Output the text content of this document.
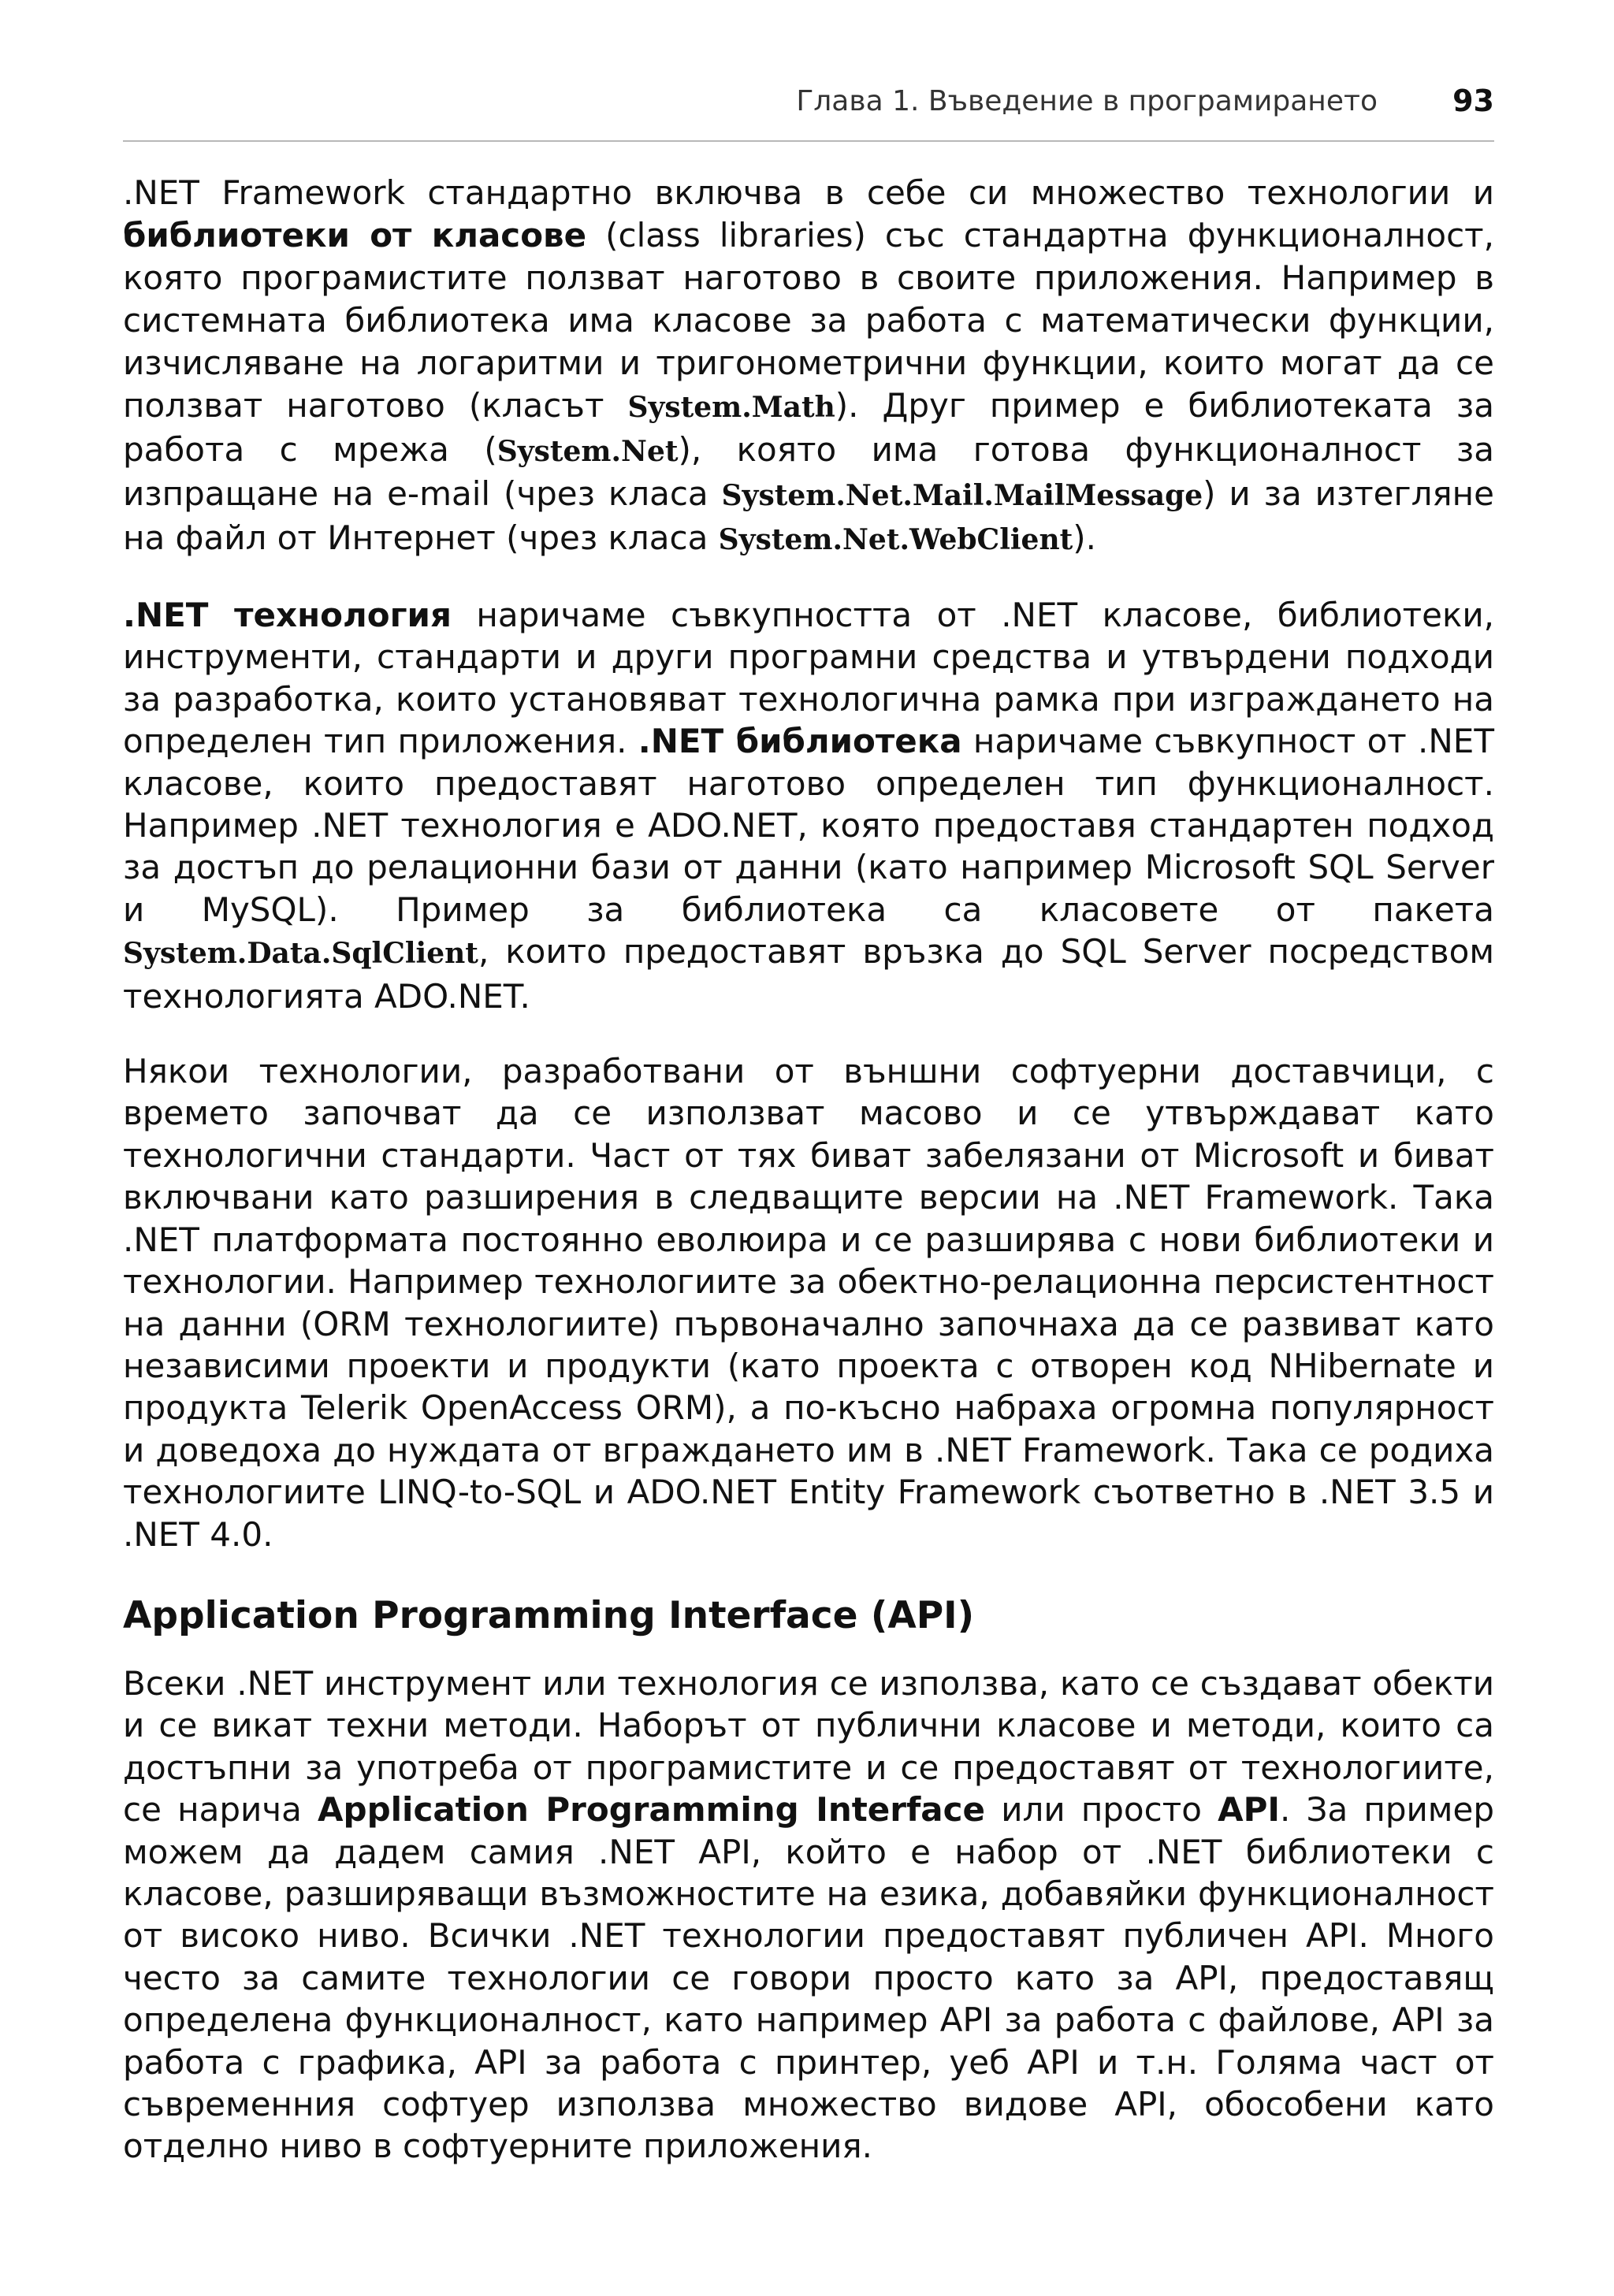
Глава 1. Въведение в програмирането	93

.NET Framework стандартно включва в себе си множество технологии и библиотеки от класове (class libraries) със стандартна функционалност, която програмистите ползват наготово в своите приложения. Например в системната библиотека има класове за работа с математически функции, изчисляване на логаритми и тригонометрични функции, които могат да се ползват наготово (класът System.Math). Друг пример е библиотеката за работа с мрежа (System.Net), която има готова функционалност за изпращане на e-mail (чрез класа System.Net.Mail.MailMessage) и за изтегляне на файл от Интернет (чрез класа System.Net.WebClient).

.NET технология наричаме съвкупността от .NET класове, библиотеки, инструменти, стандарти и други програмни средства и утвърдени подходи за разработка, които установяват технологична рамка при изграждането на определен тип приложения. .NET библиотека наричаме съвкупност от .NET класове, които предоставят наготово определен тип функционалност. Например .NET технология е ADO.NET, която предоставя стандартен подход за достъп до релационни бази от данни (като например Microsoft SQL Server и MySQL). Пример за библиотека са класовете от пакета System.Data.SqlClient, които предоставят връзка до SQL Server посредством технологията ADO.NET.

Някои технологии, разработвани от външни софтуерни доставчици, с времето започват да се използват масово и се утвърждават като технологични стандарти. Част от тях биват забелязани от Microsoft и биват включвани като разширения в следващите версии на .NET Framework. Така .NET платформата постоянно еволюира и се разширява с нови библиотеки и технологии. Например технологиите за обектно-релационна персистентност на данни (ORM технологиите) първоначално започнаха да се развиват като независими проекти и продукти (като проекта с отворен код NHibernate и продукта Telerik OpenAccess ORM), а по-късно набраха огромна популярност и доведоха до нуждата от вграждането им в .NET Framework. Така се родиха технологиите LINQ-to-SQL и ADO.NET Entity Framework съответно в .NET 3.5 и .NET 4.0.

Application Programming Interface (API)

Всеки .NET инструмент или технология се използва, като се създават обекти и се викат техни методи. Наборът от публични класове и методи, които са достъпни за употреба от програмистите и се предоставят от технологиите, се нарича Application Programming Interface или просто API. За пример можем да дадем самия .NET API, който е набор от .NET библиотеки с класове, разширяващи възможностите на езика, добавяйки функционалност от високо ниво. Всички .NET технологии предоставят публичен API. Много често за самите технологии се говори просто като за API, предоставящ определена функционалност, като например API за работа с файлове, API за работа с графика, API за работа с принтер, уеб API и т.н. Голяма част от съвременния софтуер използва множество видове API, обособени като отделно ниво в софтуерните приложения.
